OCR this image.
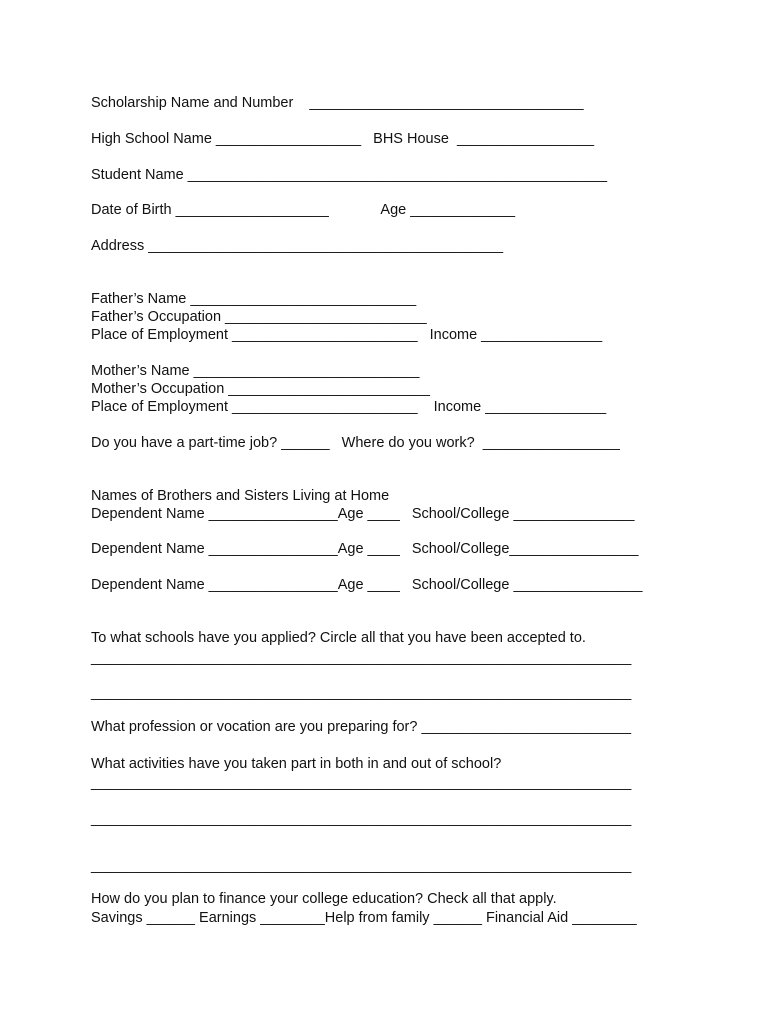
Scholarship Name and Number    __________________________________
High School Name __________________   BHS House  _________________
Student Name ____________________________________________________
Date of Birth ___________________             Age _____________
Address ____________________________________________
Father’s Name ____________________________
Father’s Occupation _________________________
Place of Employment _______________________   Income _______________
Mother’s Name ____________________________
Mother’s Occupation _________________________
Place of Employment _______________________    Income _______________
Do you have a part-time job? ______   Where do you work?  _________________
Names of Brothers and Sisters Living at Home
Dependent Name ________________Age ____   School/College _______________
Dependent Name ________________Age ____   School/College________________
Dependent Name ________________Age ____   School/College ________________
To what schools have you applied? Circle all that you have been accepted to.
___________________________________________________________________
___________________________________________________________________
What profession or vocation are you preparing for? __________________________
What activities have you taken part in both in and out of school?
___________________________________________________________________
___________________________________________________________________
___________________________________________________________________
How do you plan to finance your college education? Check all that apply.
Savings ______ Earnings ________Help from family ______ Financial Aid ________
